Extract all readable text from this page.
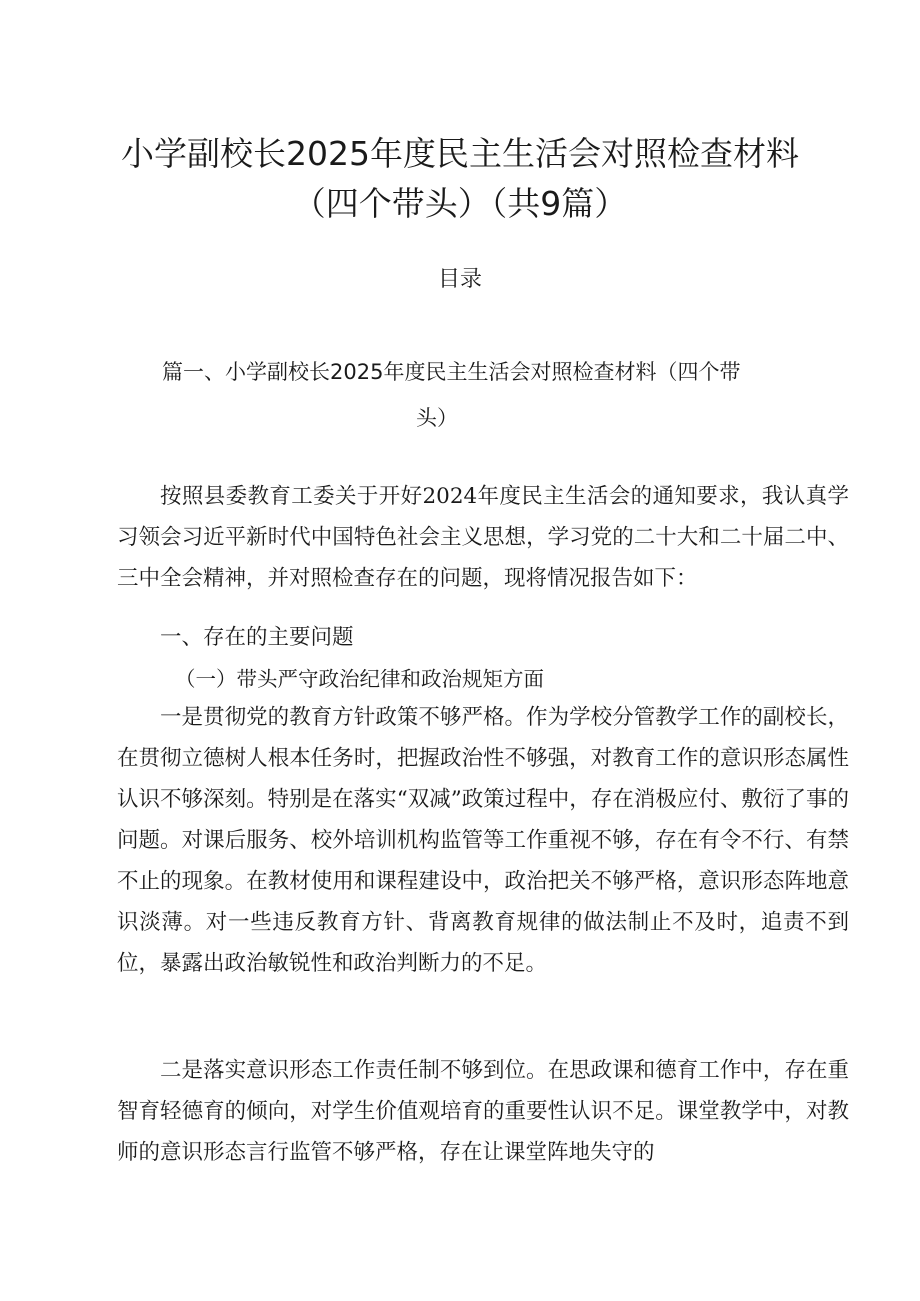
小学副校长2025年度民主生活会对照检查材料
（四个带头）（共9篇）
目录
篇一、小学副校长2025年度民主生活会对照检查材料（四个带
头）

按照县委教育工委关于开好2024年度民主生活会的通知要求，我认真学习领会习近平新时代中国特色社会主义思想，学习党的二十大和二十届二中、三中全会精神，并对照检查存在的问题，现将情况报告如下：

一、存在的主要问题
（一）带头严守政治纪律和政治规矩方面

一是贯彻党的教育方针政策不够严格。作为学校分管教学工作的副校长，在贯彻立德树人根本任务时，把握政治性不够强，对教育工作的意识形态属性认识不够深刻。特别是在落实“双减”政策过程中，存在消极应付、敷衍了事的问题。对课后服务、校外培训机构监管等工作重视不够，存在有令不行、有禁不止的现象。在教材使用和课程建设中，政治把关不够严格，意识形态阵地意识淡薄。对一些违反教育方针、背离教育规律的做法制止不及时，追责不到位，暴露出政治敏锐性和政治判断力的不足。

二是落实意识形态工作责任制不够到位。在思政课和德育工作中，存在重智育轻德育的倾向，对学生价值观培育的重要性认识不足。课堂教学中，对教师的意识形态言行监管不够严格，存在让课堂阵地失守的
